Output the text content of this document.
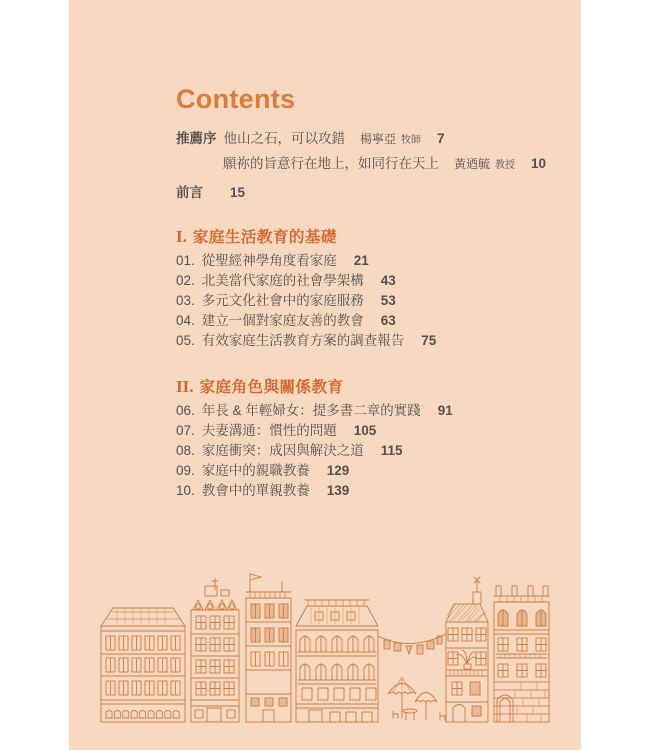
Contents
推薦序 他山之石，可以攻錯 楊寧亞 牧師 7
願祢的旨意行在地上，如同行在天上 黃迺毓 教授 10
前言 15
I. 家庭生活教育的基礎
01. 從聖經神學角度看家庭 21
02. 北美當代家庭的社會學架構 43
03. 多元文化社會中的家庭服務 53
04. 建立一個對家庭友善的教會 63
05. 有效家庭生活教育方案的調查報告 75
II. 家庭角色與關係教育
06. 年長 & 年輕婦女：提多書二章的實踐 91
07. 夫妻溝通：慣性的問題 105
08. 家庭衝突：成因與解決之道 115
09. 家庭中的親職教養 129
10. 教會中的單親教養 139
